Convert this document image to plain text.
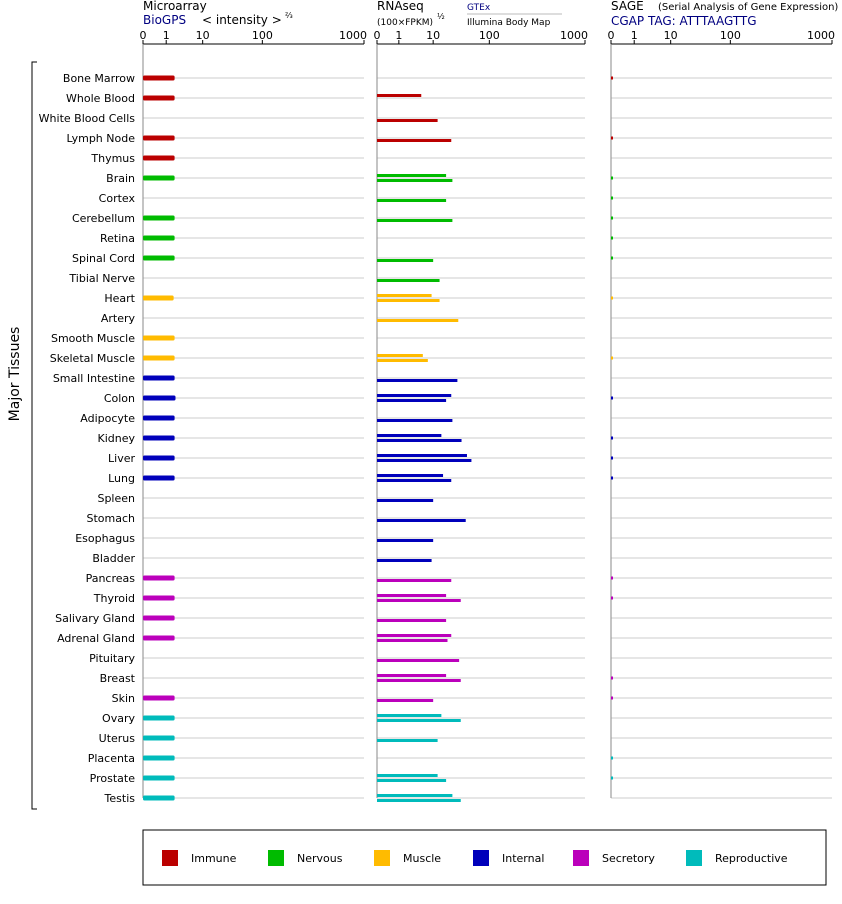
Microarray
BioGPS < intensity > ⅔
RNAseq
(100×FPKM)
½
GTEx
Illumina Body Map
SAGE (Serial Analysis of Gene Expression)
CGAP TAG: ATTTAAGTTG
Major Tissues
0 1 10	100	1000 0 1 10	100	1000 0 1 10	100	1000
Bone Marrow
Whole Blood
White Blood Cells
Lymph Node
Thymus
Brain
Cortex
Cerebellum
Retina
Spinal Cord
Tibial Nerve
Heart
Artery
Smooth Muscle
Skeletal Muscle
Small Intestine
Colon
Adipocyte
Kidney
Liver
Lung
Spleen
Stomach
Esophagus
Bladder
Pancreas
Thyroid
Salivary Gland
Adrenal Gland
Pituitary
Breast
Skin
Ovary
Uterus
Placenta
Prostate
Testis
Immune	Nervous	Muscle	Internal	Secretory	Reproductive
